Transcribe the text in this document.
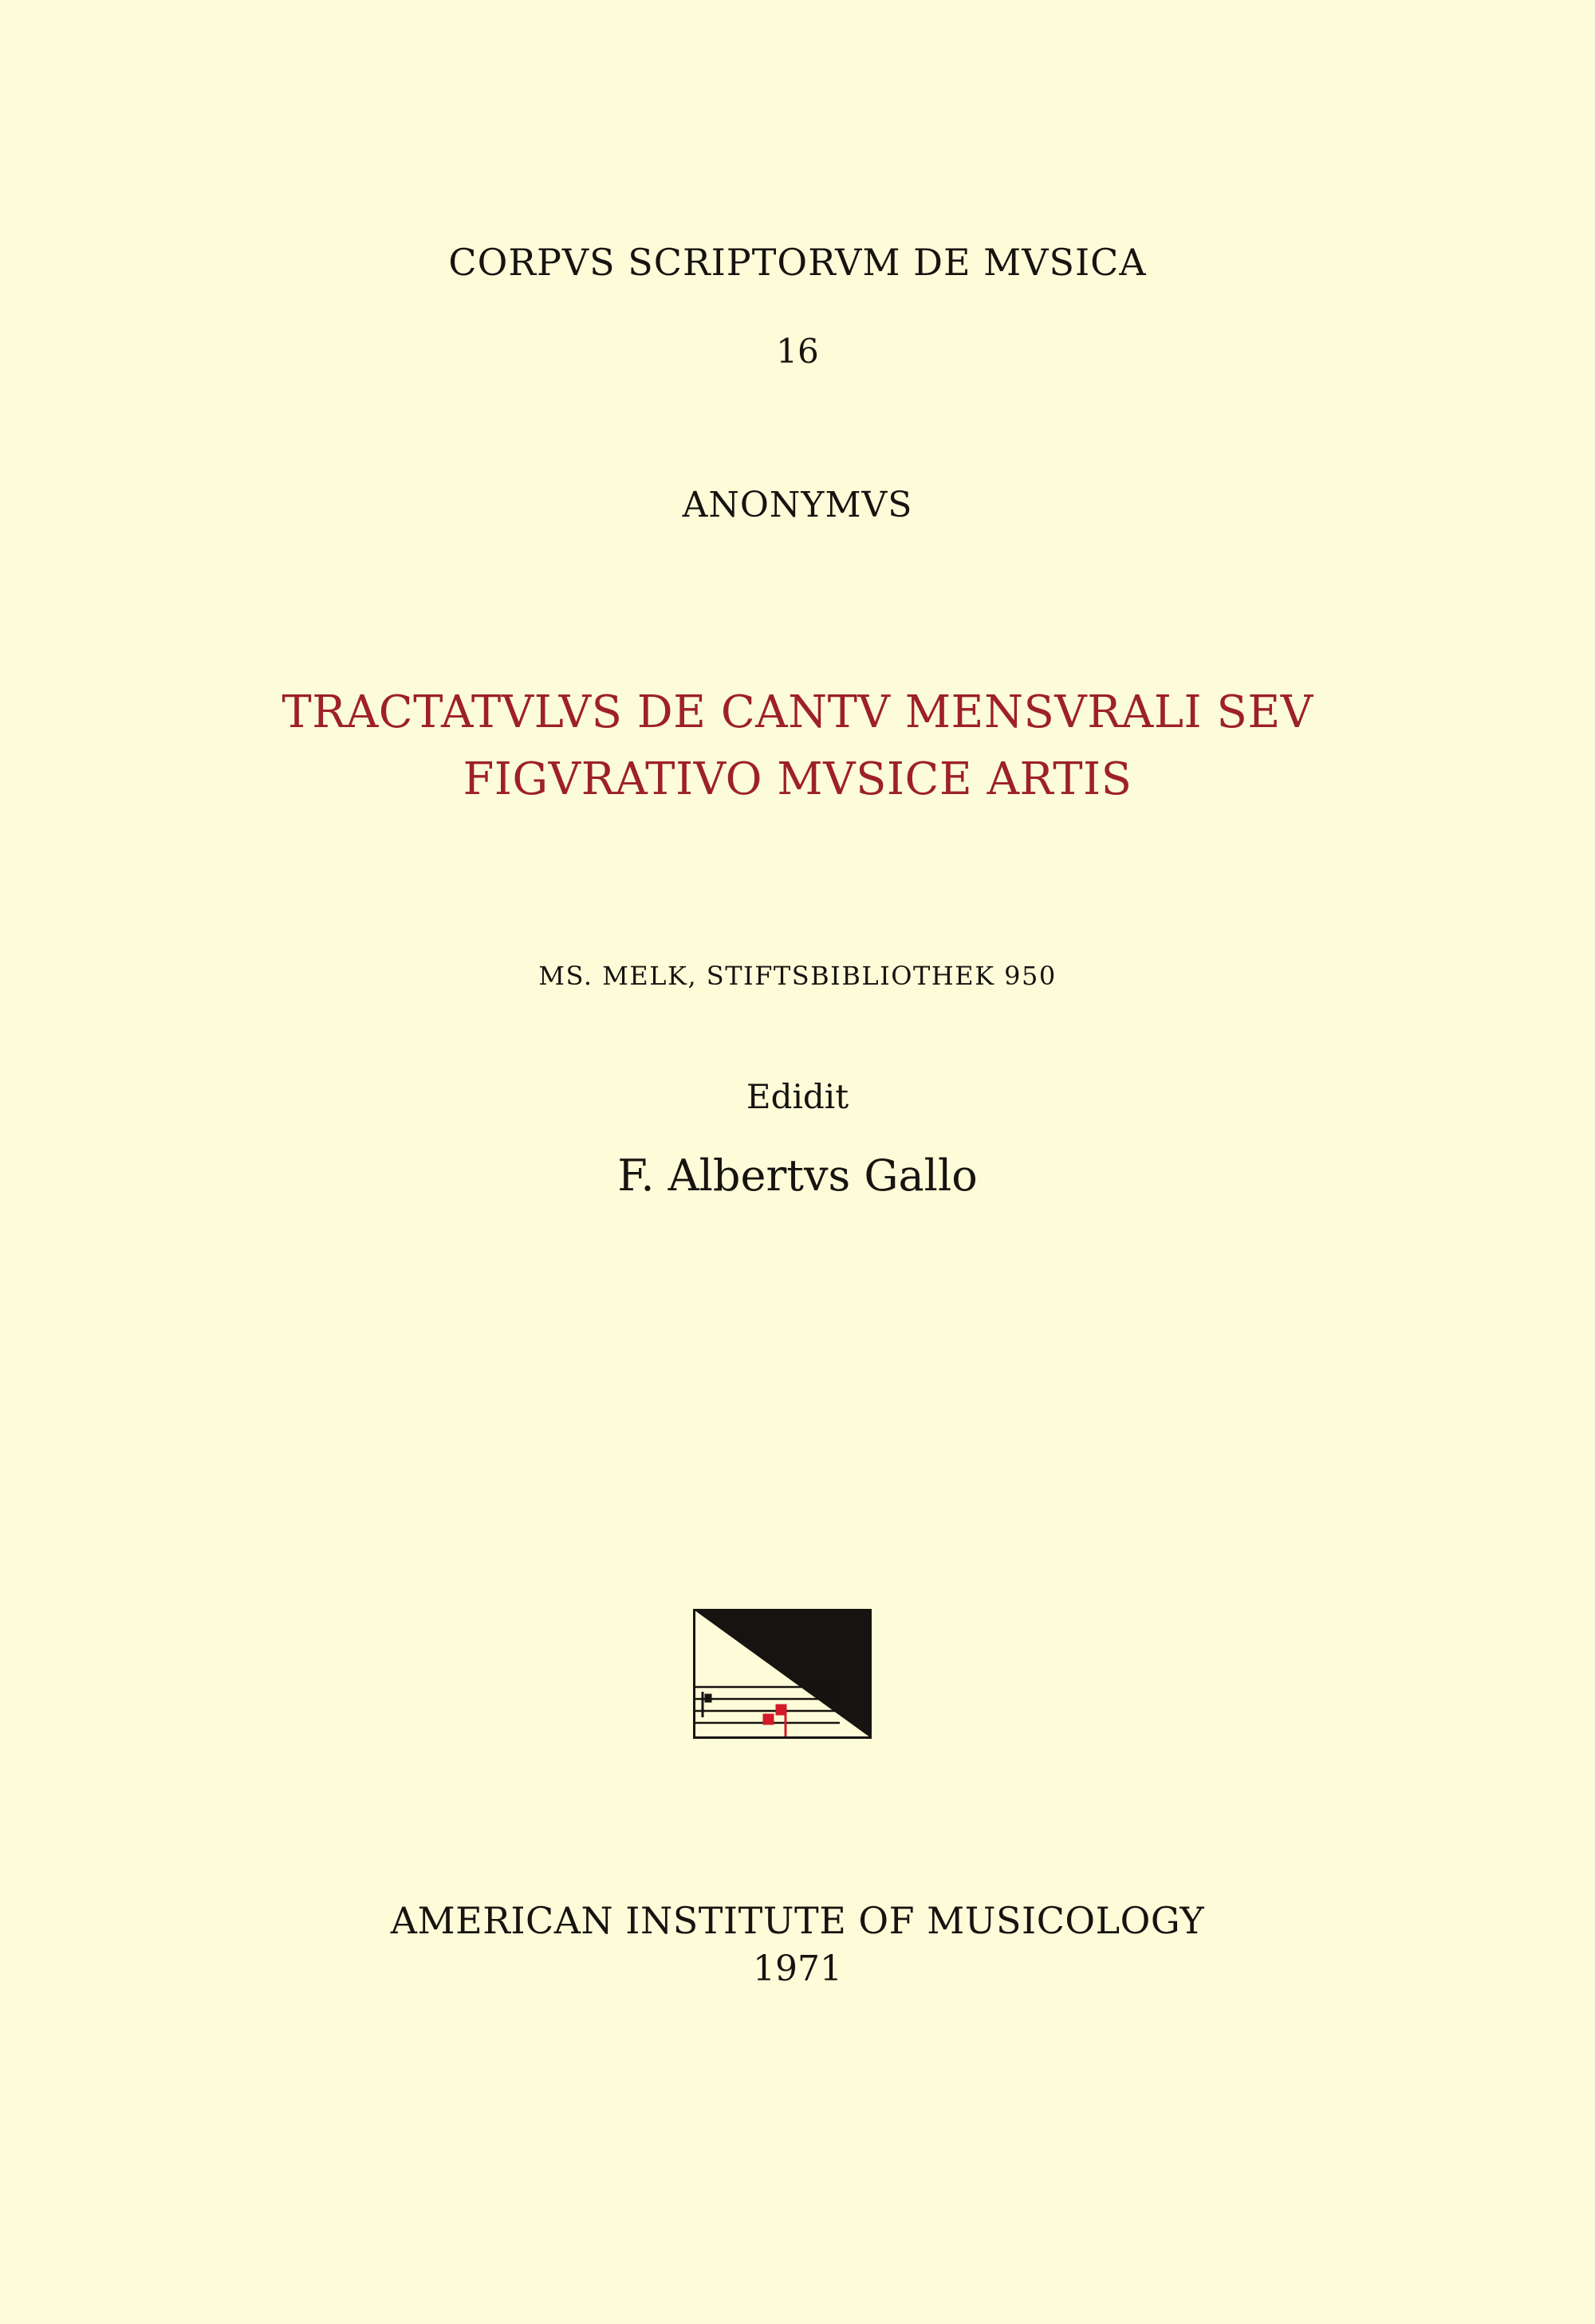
CORPVS SCRIPTORVM DE MVSICA
16
ANONYMVS
TRACTATVLVS DE CANTV MENSVRALI SEV
FIGVRATIVO MVSICE ARTIS
MS. MELK, STIFTSBIBLIOTHEK 950
Edidit
F. Albertvs Gallo
AMERICAN INSTITUTE OF MUSICOLOGY
1971
